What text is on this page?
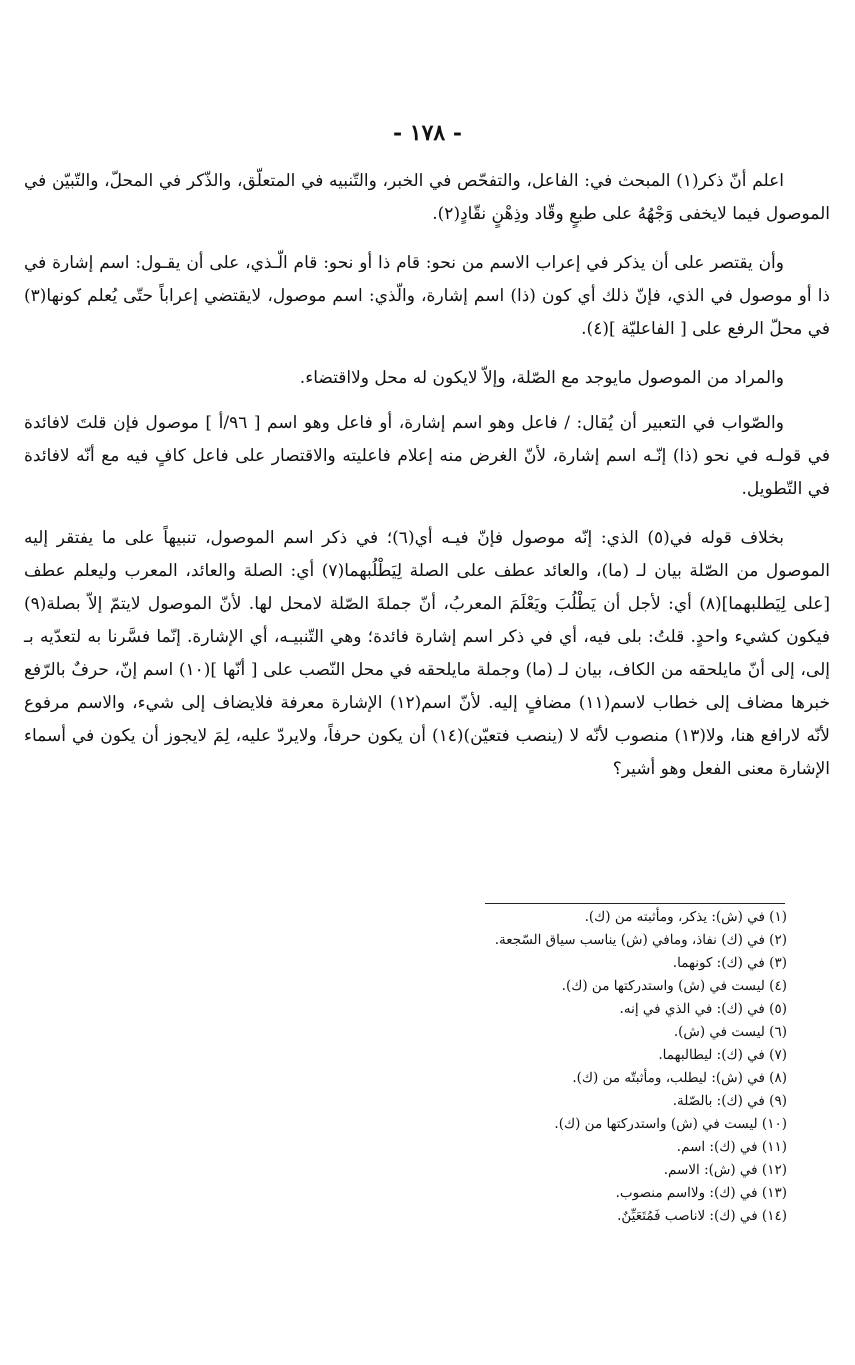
- ١٧٨ -

اعلم أنّ ذكر(١) المبحث في: الفاعل، والتفحّص في الخبر، والتّنبيه في المتعلّق، والذّكر في المحلّ، والتّبيّن في الموصول فيما لايخفى وَجْهُهُ على طبعٍ وقّاد وذِهْنٍ نقّادٍ(٢).

وأن يقتصر على أن يذكر في إعراب الاسم من نحو: قام ذا أو نحو: قام الّـذي، على أن يقـول: اسم إشارة في ذا أو موصول في الذي، فإنّ ذلك أي كون (ذا) اسم إشارة، والّذي: اسم موصول، لايقتضي إعراباً حتّى يُعلم كونها(٣) في محلّ الرفع على [ الفاعليّة ](٤).

والمراد من الموصول مايوجد مع الصّلة، وإلاّ لايكون له محل ولااقتضاء.

والصّواب في التعبير أن يُقال: / فاعل وهو اسم إشارة، أو فاعل وهو اسم [ ٩٦/أ ] موصول فإن قلتَ لافائدة في قولـه في نحو (ذا) إنّـه اسم إشارة، لأنّ الغرض منه إعلام فاعليته والاقتصار على فاعل كافٍ فيه مع أنّه لافائدة في التّطويل.

بخلاف قوله في(٥) الذي: إنّه موصول فإنّ فيـه أي(٦)؛ في ذكر اسم الموصول، تنبيهاً على ما يفتقر إليه الموصول من الصّلة بيان لـ (ما)، والعائد عطف على الصلة لِيَطْلُبهما(٧) أي: الصلة والعائد، المعرب وليعلم عطف [على لِيَطلبهما](٨) أي: لأجل أن يَطْلُبَ ويَعْلَمَ المعربُ، أنّ جملةَ الصّلة لامحل لها. لأنّ الموصول لايتمّ إلاّ بصلة(٩) فيكون كشيء واحدٍ. قلتُ: بلى فيه، أي في ذكر اسم إشارة فائدة؛ وهي التّنبيـه، أي الإشارة. إنّما فسَّرنا به لتعدّيه بـ إلى، إلى أنّ مايلحقه من الكاف، بيان لـ (ما) وجملة مايلحقه في محل النّصب على [ أنّها ](١٠) اسم إنّ، حرفٌ بالرّفع خبرها مضاف إلى خطاب لاسم(١١) مضافٍ إليه. لأنّ اسم(١٢) الإشارة معرفة فلايضاف إلى شيء، والاسم مرفوع لأنّه لارافع هنا، ولا(١٣) منصوب لأنّه لا (ينصب فتعيّن)(١٤) أن يكون حرفاً، ولايردّ عليه، لِمَ لايجوز أن يكون في أسماء الإشارة معنى الفعل وهو أشير؟

(١) في (ش): يذكر، ومأثبته من (ك).
(٢) في (ك) نفاذ، ومافي (ش) يناسب سياق السّجعة.
(٣) في (ك): كونهما.
(٤) ليست في (ش) واستدركتها من (ك).
(٥) في (ك): في الذي في إنه.
(٦) ليست في (ش).
(٧) في (ك): ليطالبهما.
(٨) في (ش): ليطلب، ومأثبتّه من (ك).
(٩) في (ك): بالصّلة.
(١٠) ليست في (ش) واستدركتها من (ك).
(١١) في (ك): اسم.
(١٢) في (ش): الاسم.
(١٣) في (ك): ولااسم منصوب.
(١٤) في (ك): لاناصب فَمُتَعَيِّنٌ.
